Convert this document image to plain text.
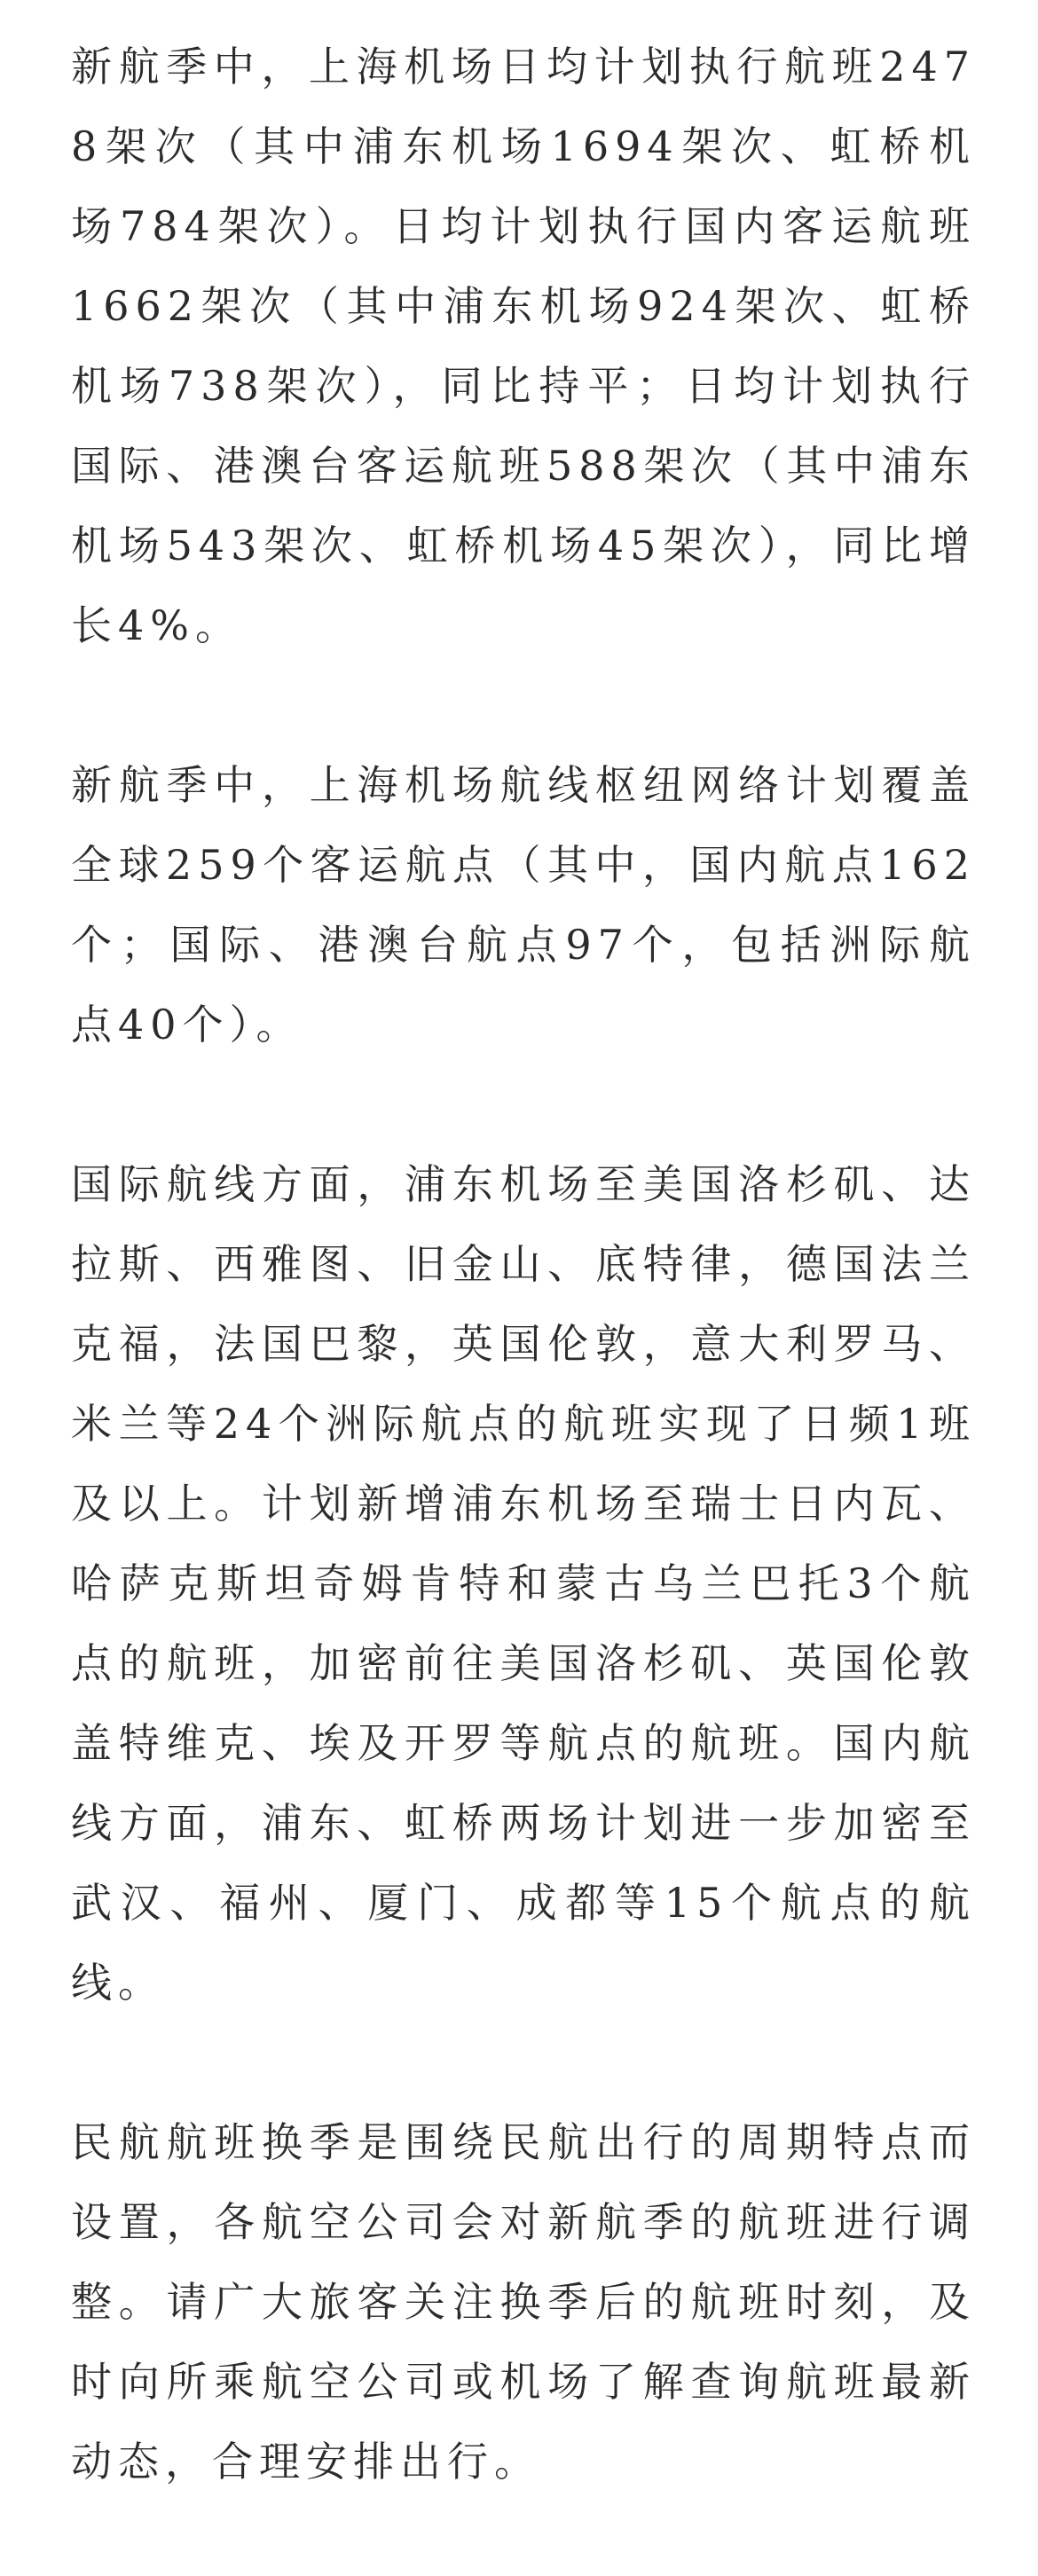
新航季中，上海机场日均计划执行航班2478架次（其中浦东机场1694架次、虹桥机场784架次）。日均计划执行国内客运航班1662架次（其中浦东机场924架次、虹桥机场738架次），同比持平；日均计划执行国际、港澳台客运航班588架次（其中浦东机场543架次、虹桥机场45架次），同比增长4%。

新航季中，上海机场航线枢纽网络计划覆盖全球259个客运航点（其中，国内航点162个；国际、港澳台航点97个，包括洲际航点40个）。

国际航线方面，浦东机场至美国洛杉矶、达拉斯、西雅图、旧金山、底特律，德国法兰克福，法国巴黎，英国伦敦，意大利罗马、米兰等24个洲际航点的航班实现了日频1班及以上。计划新增浦东机场至瑞士日内瓦、哈萨克斯坦奇姆肯特和蒙古乌兰巴托3个航点的航班，加密前往美国洛杉矶、英国伦敦盖特维克、埃及开罗等航点的航班。国内航线方面，浦东、虹桥两场计划进一步加密至武汉、福州、厦门、成都等15个航点的航线。

民航航班换季是围绕民航出行的周期特点而设置，各航空公司会对新航季的航班进行调整。请广大旅客关注换季后的航班时刻，及时向所乘航空公司或机场了解查询航班最新动态，合理安排出行。
